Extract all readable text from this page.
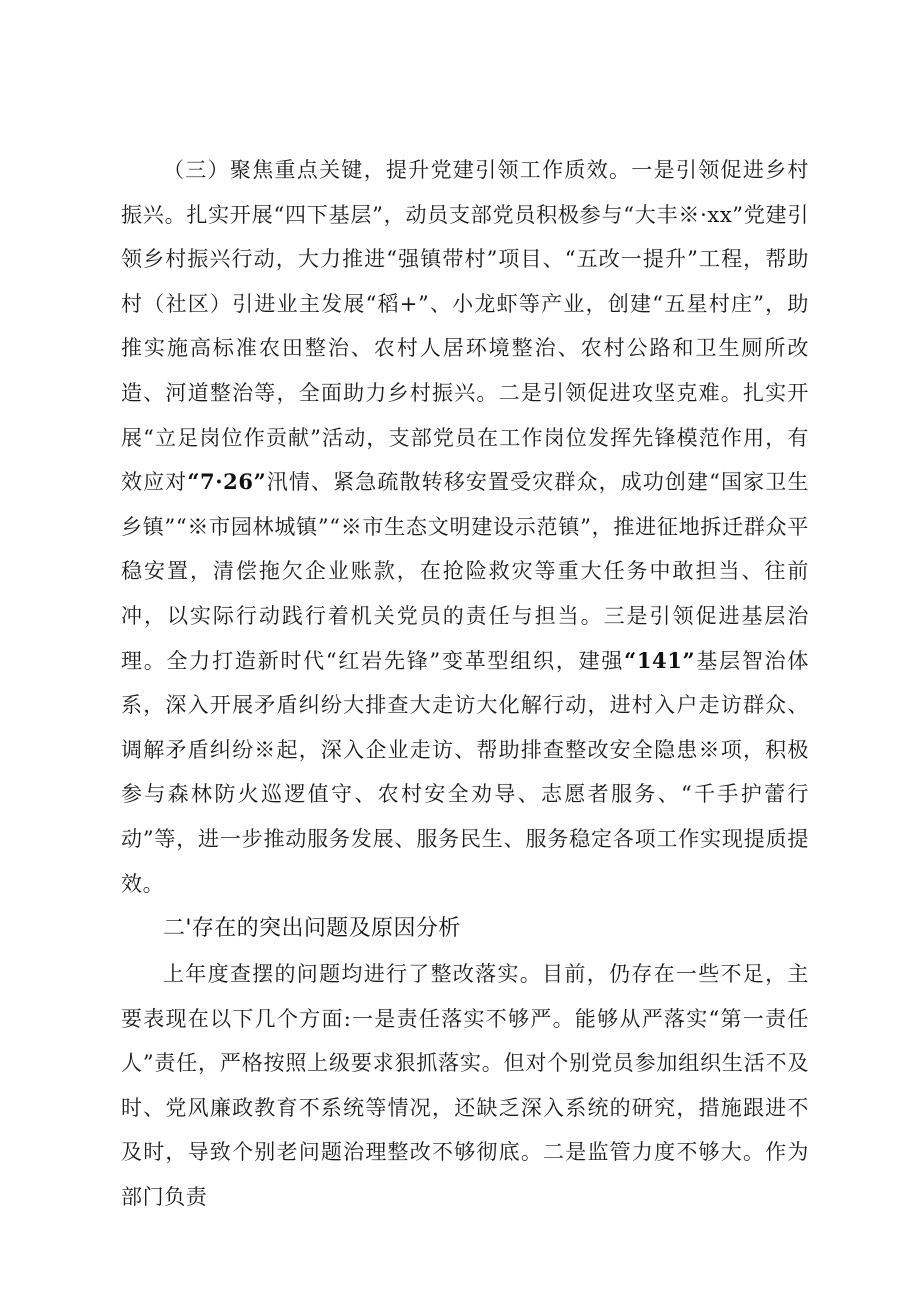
（三）聚焦重点关键，提升党建引领工作质效。一是引领促进乡村振兴。扎实开展“四下基层”，动员支部党员积极参与“大丰※·xx”党建引领乡村振兴行动，大力推进“强镇带村”项目、“五改一提升”工程，帮助村（社区）引进业主发展“稻+”、小龙虾等产业，创建“五星村庄”，助推实施高标准农田整治、农村人居环境整治、农村公路和卫生厕所改造、河道整治等，全面助力乡村振兴。二是引领促进攻坚克难。扎实开展“立足岗位作贡献”活动，支部党员在工作岗位发挥先锋模范作用，有效应对“7·26”汛情、紧急疏散转移安置受灾群众，成功创建“国家卫生乡镇”“※市园林城镇”“※市生态文明建设示范镇”，推进征地拆迁群众平稳安置，清偿拖欠企业账款，在抢险救灾等重大任务中敢担当、往前冲，以实际行动践行着机关党员的责任与担当。三是引领促进基层治理。全力打造新时代“红岩先锋”变革型组织，建强“141”基层智治体系，深入开展矛盾纠纷大排查大走访大化解行动，进村入户走访群众、调解矛盾纠纷※起，深入企业走访、帮助排查整改安全隐患※项，积极参与森林防火巡逻值守、农村安全劝导、志愿者服务、“千手护蕾行动”等，进一步推动服务发展、服务民生、服务稳定各项工作实现提质提效。

二'存在的突出问题及原因分析

上年度查摆的问题均进行了整改落实。目前，仍存在一些不足，主要表现在以下几个方面:一是责任落实不够严。能够从严落实“第一责任人”责任，严格按照上级要求狠抓落实。但对个别党员参加组织生活不及时、党风廉政教育不系统等情况，还缺乏深入系统的研究，措施跟进不及时，导致个别老问题治理整改不够彻底。二是监管力度不够大。作为部门负责
